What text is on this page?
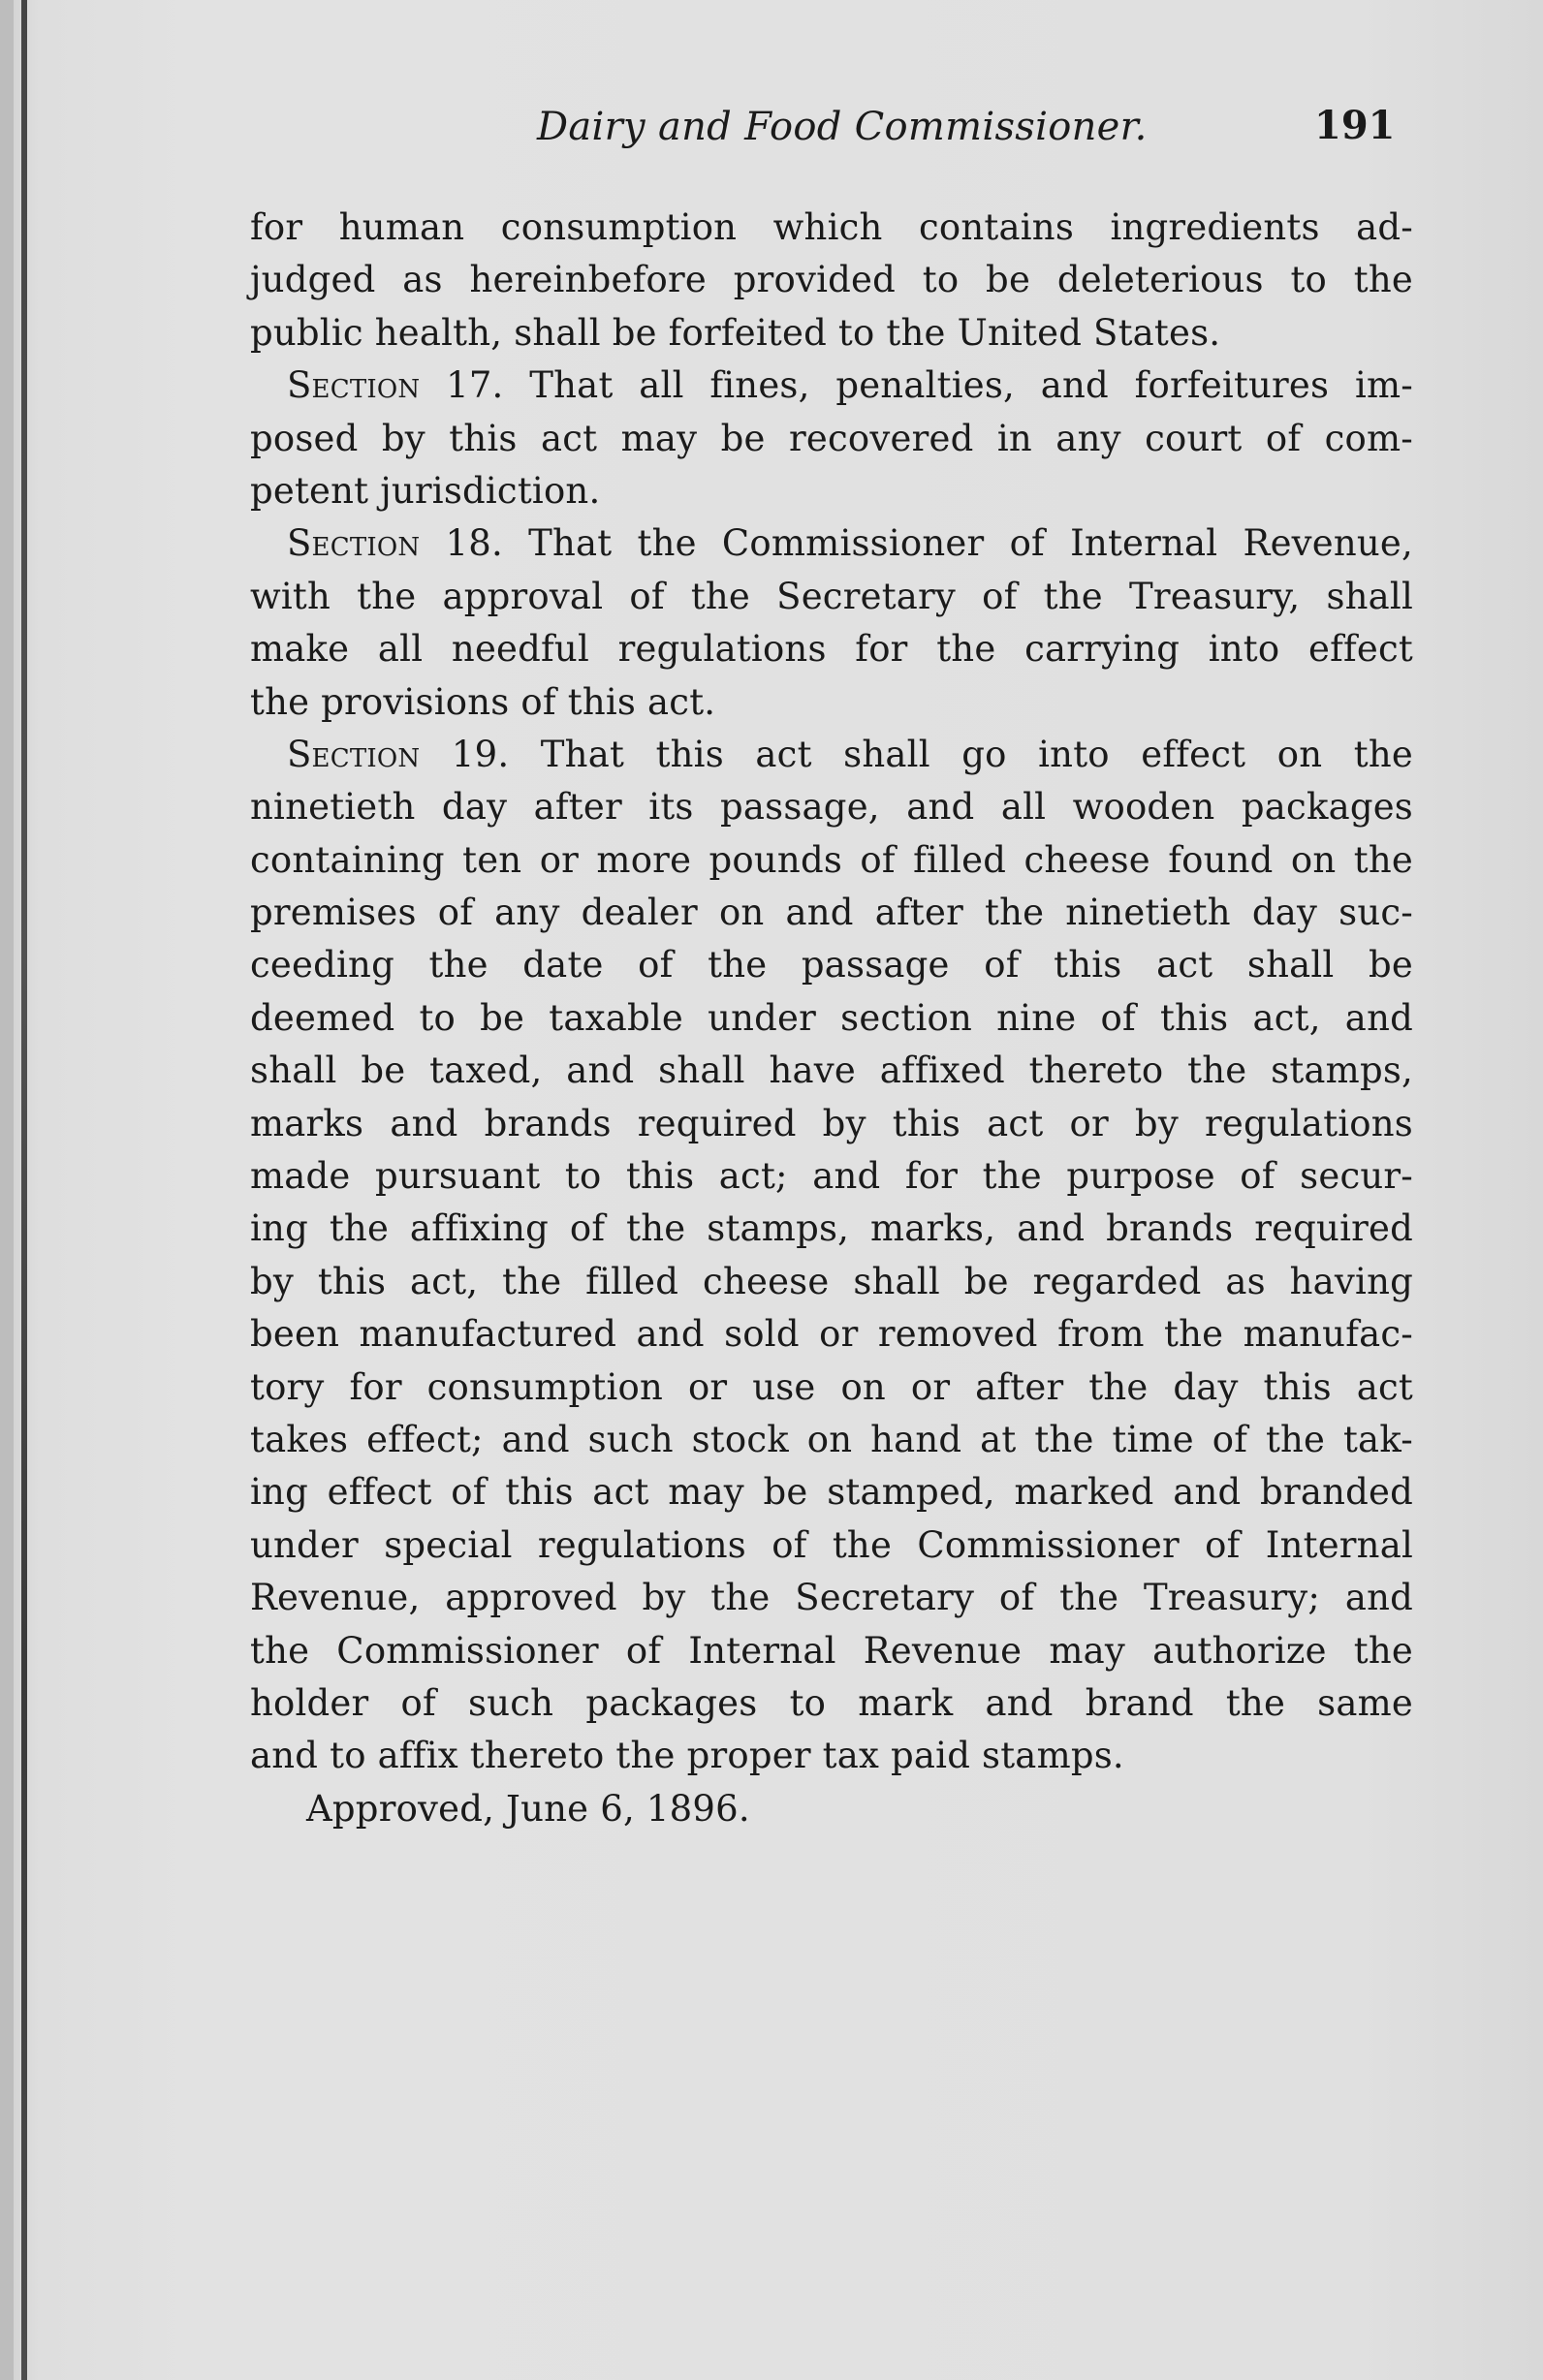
Dairy and Food Commissioner.	191
for human consumption which contains ingredients ad-
judged as hereinbefore provided to be deleterious to the
public health, shall be forfeited to the United States.
Section 17. That all fines, penalties, and forfeitures im-
posed by this act may be recovered in any court of com-
petent jurisdiction.
Section 18. That the Commissioner of Internal Revenue,
with the approval of the Secretary of the Treasury, shall
make all needful regulations for the carrying into effect
the provisions of this act.
Section 19. That this act shall go into effect on the
ninetieth day after its passage, and all wooden packages
containing ten or more pounds of filled cheese found on the
premises of any dealer on and after the ninetieth day suc-
ceeding the date of the passage of this act shall be
deemed to be taxable under section nine of this act, and
shall be taxed, and shall have affixed thereto the stamps,
marks and brands required by this act or by regulations
made pursuant to this act; and for the purpose of secur-
ing the affixing of the stamps, marks, and brands required
by this act, the filled cheese shall be regarded as having
been manufactured and sold or removed from the manufac-
tory for consumption or use on or after the day this act
takes effect; and such stock on hand at the time of the tak-
ing effect of this act may be stamped, marked and branded
under special regulations of the Commissioner of Internal
Revenue, approved by the Secretary of the Treasury; and
the Commissioner of Internal Revenue may authorize the
holder of such packages to mark and brand the same
and to affix thereto the proper tax paid stamps.
Approved, June 6, 1896.
